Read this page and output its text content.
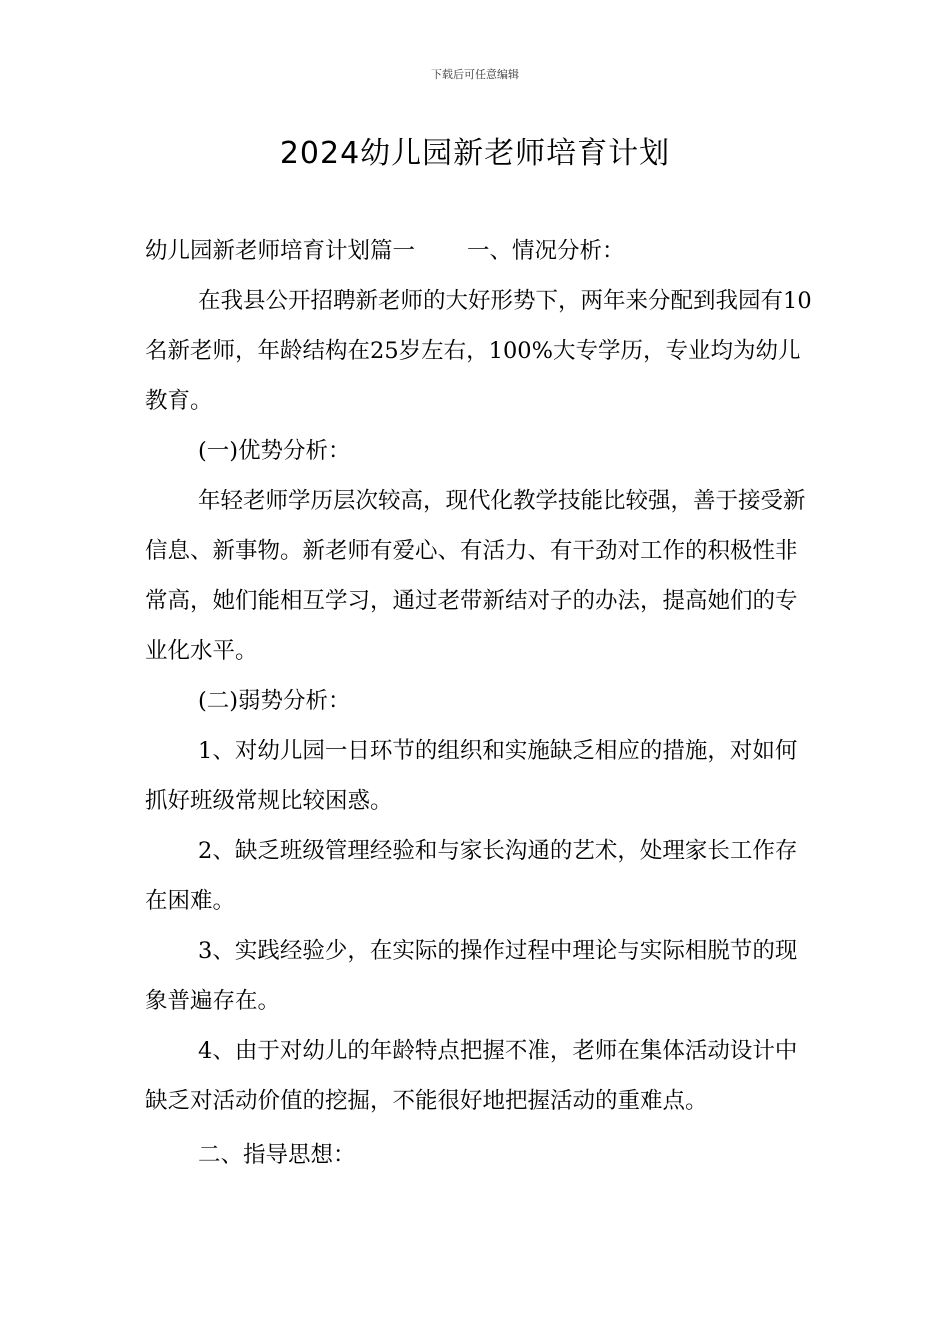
下载后可任意编辑
2024幼儿园新老师培育计划

幼儿园新老师培育计划篇一 一、情况分析：

在我县公开招聘新老师的大好形势下，两年来分配到我园有10名新老师，年龄结构在25岁左右，100%大专学历，专业均为幼儿教育。

(一)优势分析：

年轻老师学历层次较高，现代化教学技能比较强，善于接受新信息、新事物。新老师有爱心、有活力、有干劲对工作的积极性非常高，她们能相互学习，通过老带新结对子的办法，提高她们的专业化水平。

(二)弱势分析：

1、对幼儿园一日环节的组织和实施缺乏相应的措施，对如何抓好班级常规比较困惑。

2、缺乏班级管理经验和与家长沟通的艺术，处理家长工作存在困难。

3、实践经验少，在实际的操作过程中理论与实际相脱节的现象普遍存在。

4、由于对幼儿的年龄特点把握不准，老师在集体活动设计中缺乏对活动价值的挖掘，不能很好地把握活动的重难点。

二、指导思想：
